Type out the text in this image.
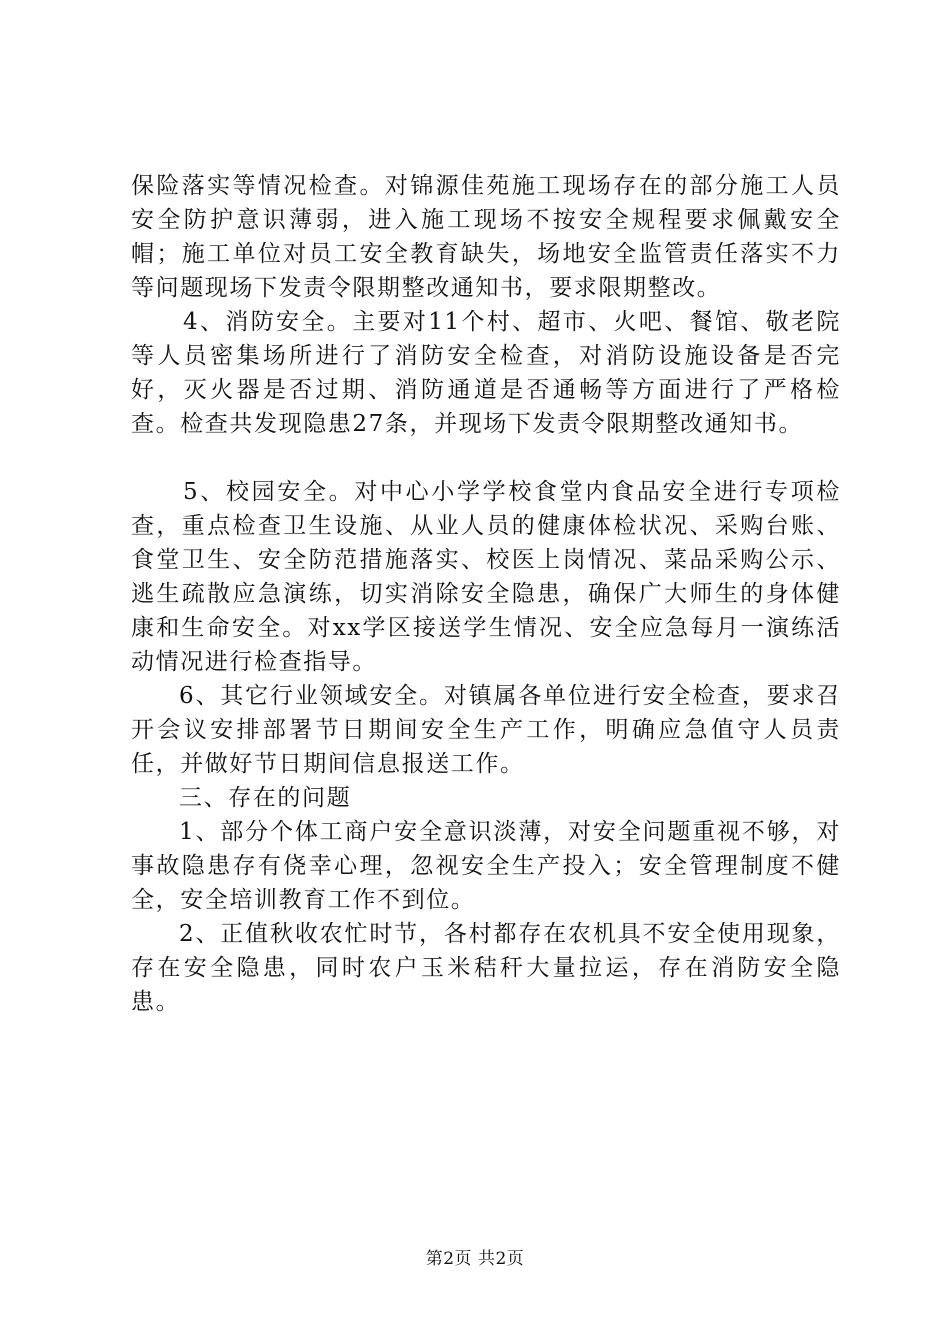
保险落实等情况检查。对锦源佳苑施工现场存在的部分施工人员安全防护意识薄弱，进入施工现场不按安全规程要求佩戴安全帽；施工单位对员工安全教育缺失，场地安全监管责任落实不力等问题现场下发责令限期整改通知书，要求限期整改。

4、消防安全。主要对11个村、超市、火吧、餐馆、敬老院等人员密集场所进行了消防安全检查，对消防设施设备是否完好，灭火器是否过期、消防通道是否通畅等方面进行了严格检查。检查共发现隐患27条，并现场下发责令限期整改通知书。

5、校园安全。对中心小学学校食堂内食品安全进行专项检查，重点检查卫生设施、从业人员的健康体检状况、采购台账、食堂卫生、安全防范措施落实、校医上岗情况、菜品采购公示、逃生疏散应急演练，切实消除安全隐患，确保广大师生的身体健康和生命安全。对xx学区接送学生情况、安全应急每月一演练活动情况进行检查指导。

6、其它行业领域安全。对镇属各单位进行安全检查，要求召开会议安排部署节日期间安全生产工作，明确应急值守人员责任，并做好节日期间信息报送工作。

三、存在的问题

1、部分个体工商户安全意识淡薄，对安全问题重视不够，对事故隐患存有侥幸心理，忽视安全生产投入；安全管理制度不健全，安全培训教育工作不到位。

2、正值秋收农忙时节，各村都存在农机具不安全使用现象，存在安全隐患，同时农户玉米秸秆大量拉运，存在消防安全隐患。

第2页 共2页
